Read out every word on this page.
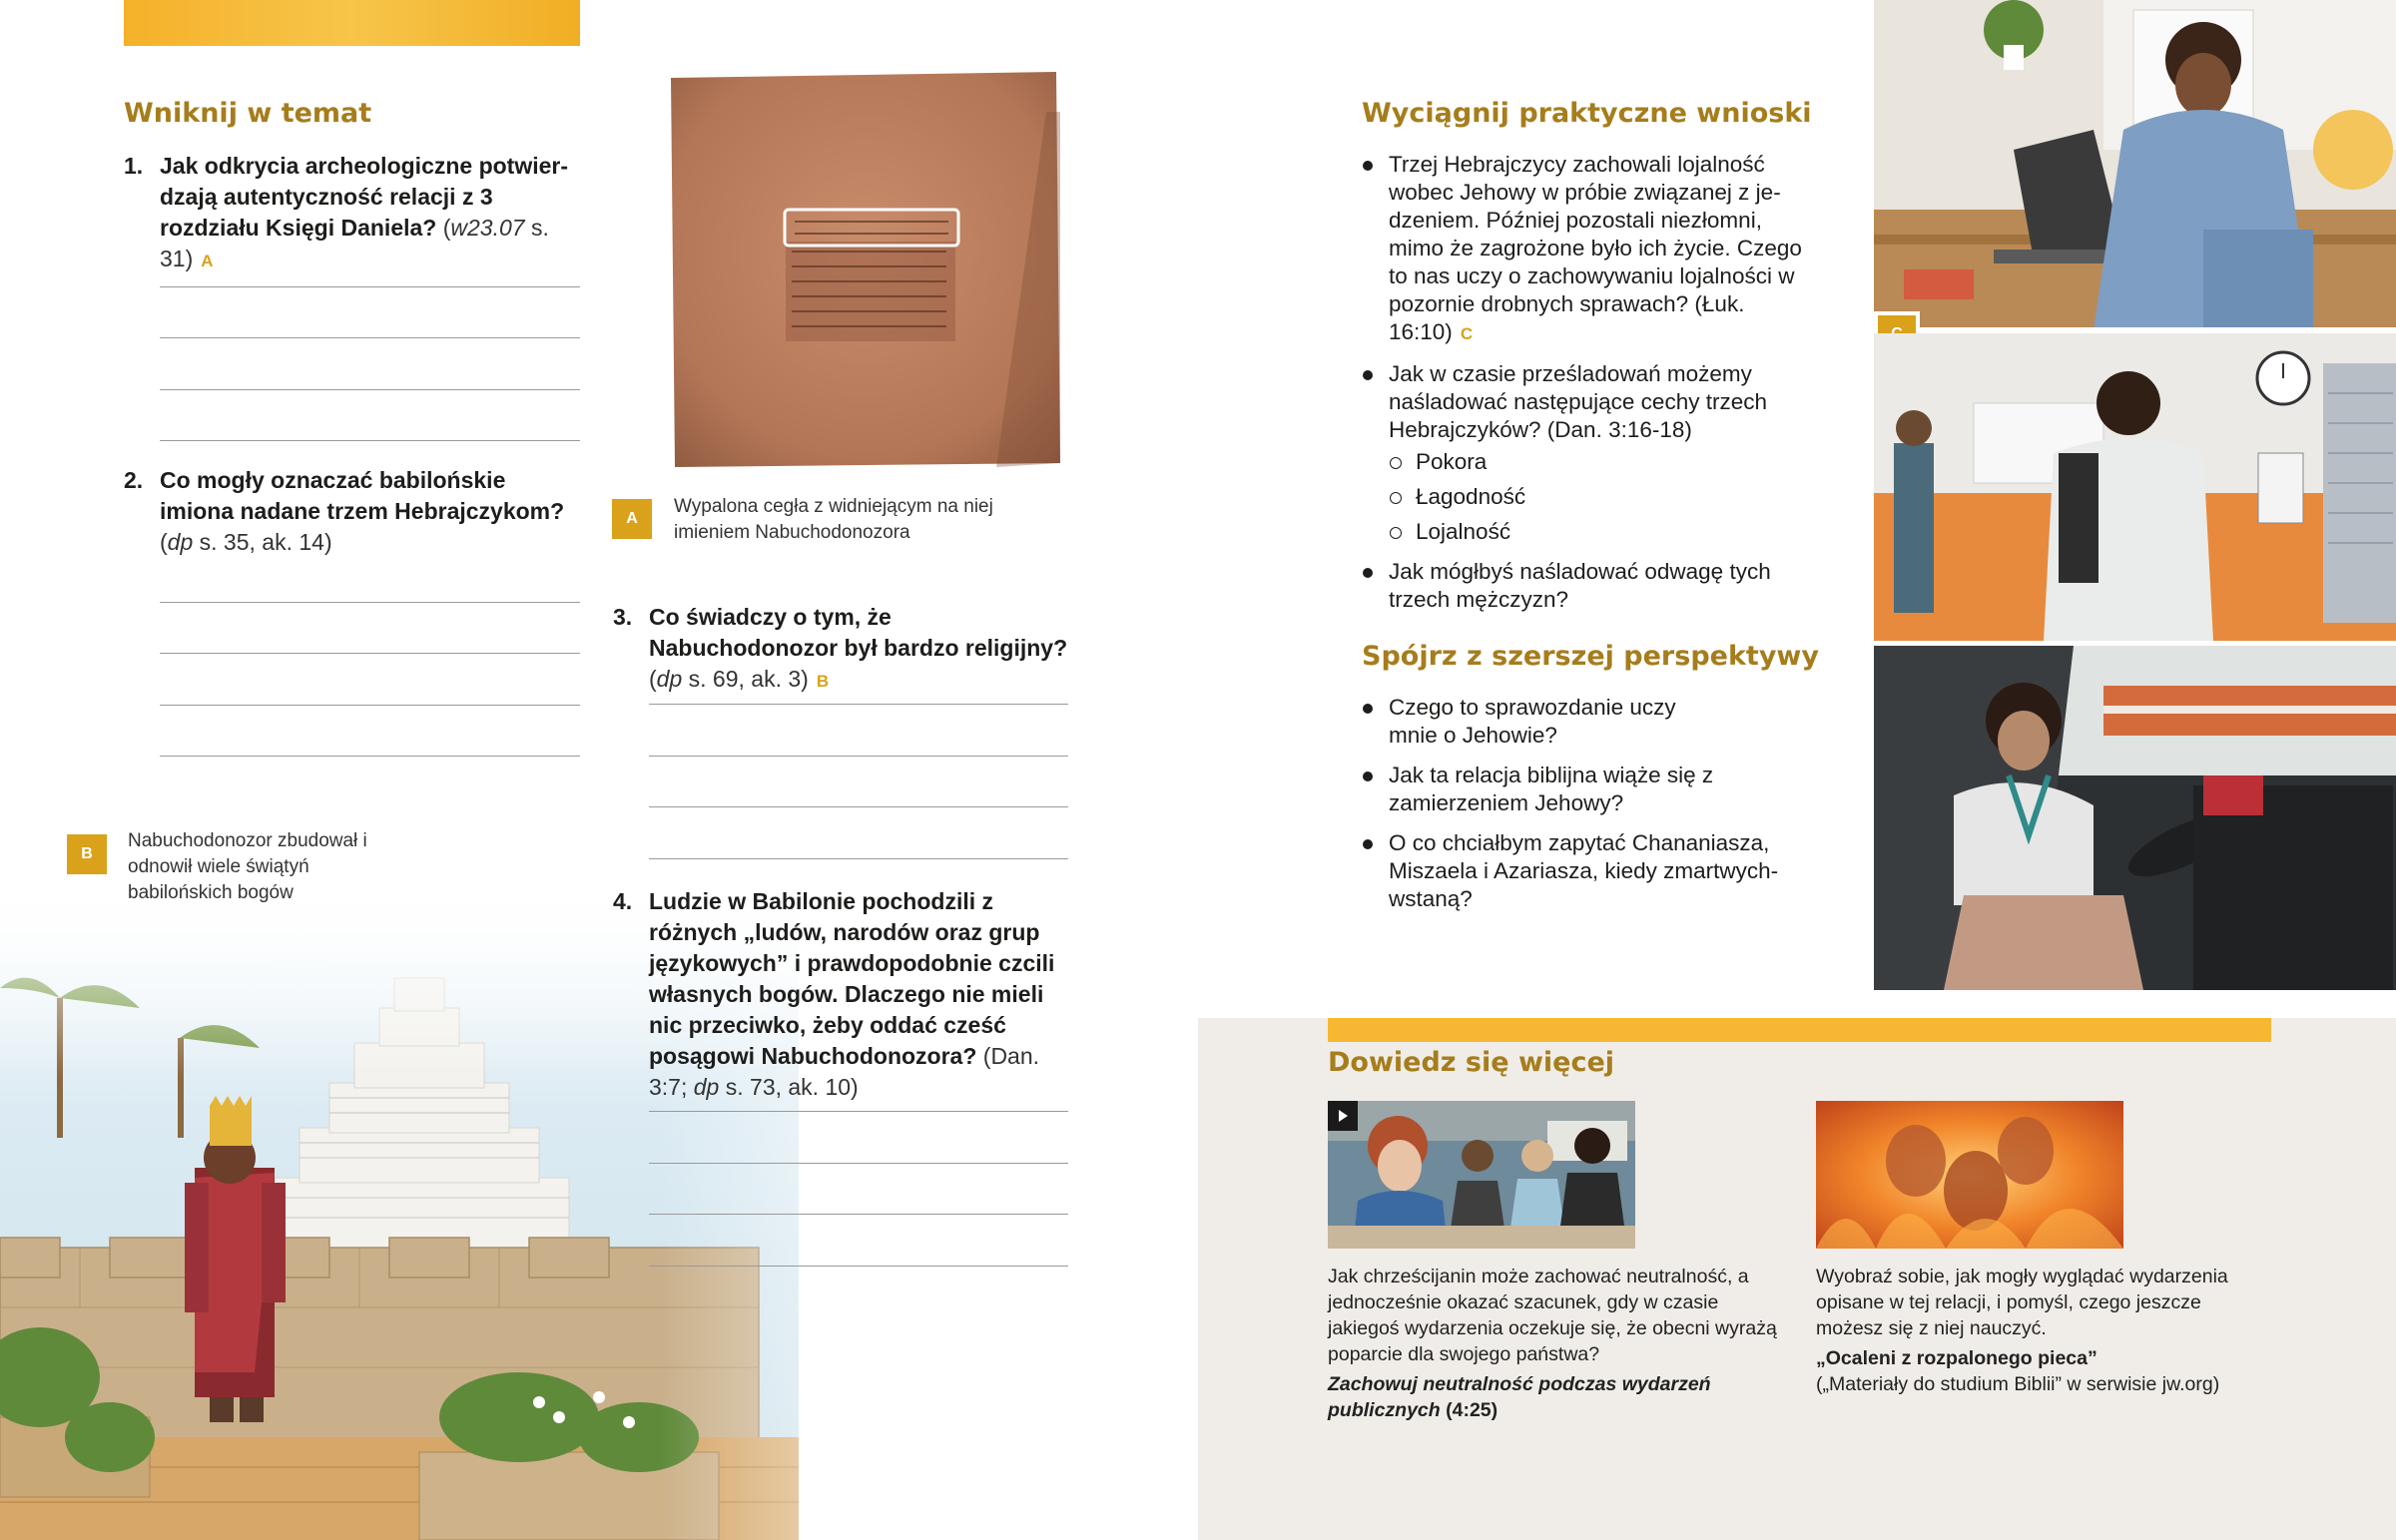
Wniknij w temat
1. Jak odkrycia archeologiczne potwierdzają autentyczność relacji z 3 rozdziału Księgi Daniela? (w23.07 s. 31) A
2. Co mogły oznaczać babilońskie imiona nadane trzem Hebrajczykom? (dp s. 35, ak. 14)
B
Nabuchodonozor zbudował i odnowił wiele świątyń babilońskich bogów
A
Wypalona cegła z widniejącym na niej imieniem Nabuchodonozora
3. Co świadczy o tym, że Nabuchodonozor był bardzo religijny? (dp s. 69, ak. 3) B
4. Ludzie w Babilonie pochodzili z różnych „ludów, narodów oraz grup językowych” i prawdopodobnie czcili własnych bogów. Dlaczego nie mieli nic przeciwko, żeby oddać cześć posągowi Nabuchodonozora? (Dan. 3:7; dp s. 73, ak. 10)
Wyciągnij praktyczne wnioski
Trzej Hebrajczycy zachowali lojalność wobec Jehowy w próbie związanej z jedzeniem. Później pozostali niezłomni, mimo że zagrożone było ich życie. Czego to nas uczy o zachowywaniu lojalności w pozornie drobnych sprawach? (Łuk. 16:10) C
Jak w czasie prześladowań możemy naśladować następujące cechy trzech Hebrajczyków? (Dan. 3:16-18)
Pokora
Łagodność
Lojalność
Jak mógłbyś naśladować odwagę tych trzech mężczyzn?
Spójrz z szerszej perspektywy
Czego to sprawozdanie uczy mnie o Jehowie?
Jak ta relacja biblijna wiąże się z zamierzeniem Jehowy?
O co chciałbym zapytać Chananiasza, Miszaela i Azariasza, kiedy zmartwychwstaną?
Dowiedz się więcej
Jak chrześcijanin może zachować neutralność, a jednocześnie okazać szacunek, gdy w czasie jakiegoś wydarzenia oczekuje się, że obecni wyrażą poparcie dla swojego państwa?
Zachowuj neutralność podczas wydarzeń publicznych (4:25)
Wyobraź sobie, jak mogły wyglądać wydarzenia opisane w tej relacji, i pomyśl, czego jeszcze możesz się z niej nauczyć.
„Ocaleni z rozpalonego pieca”
(„Materiały do studium Biblii” w serwisie jw.org)
